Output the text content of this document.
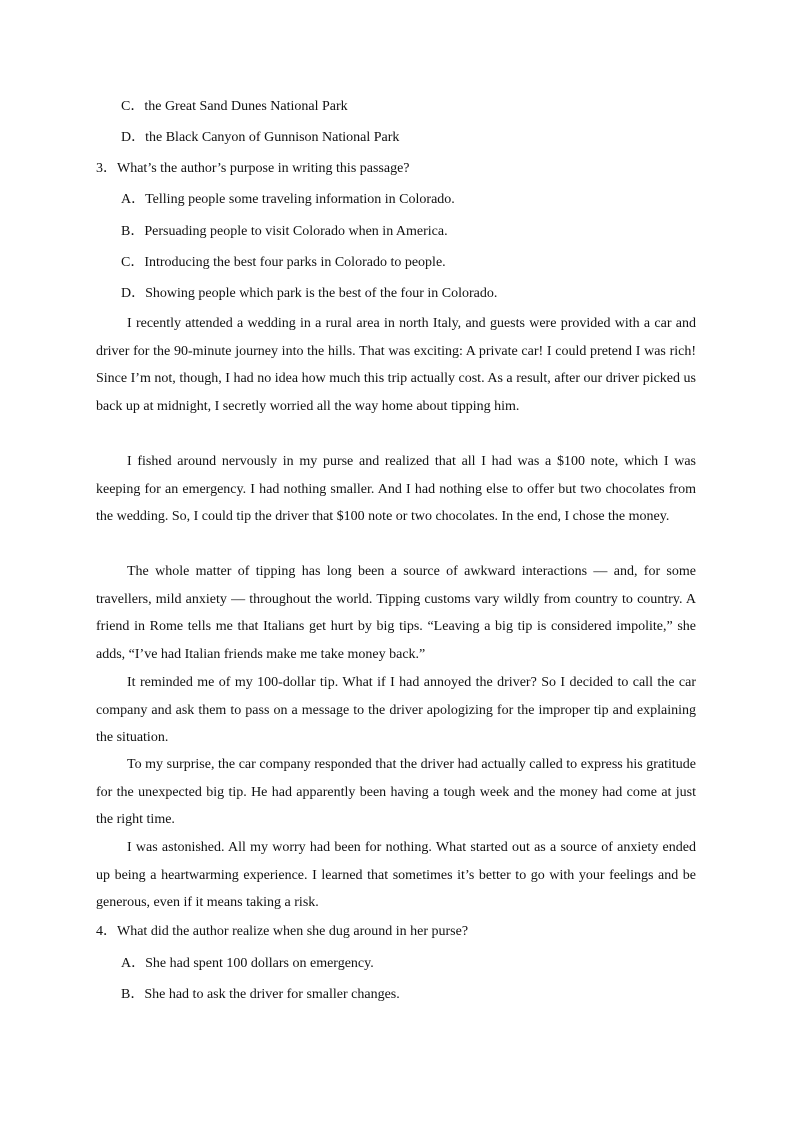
C．the Great Sand Dunes National Park
D．the Black Canyon of Gunnison National Park
3．What’s the author’s purpose in writing this passage?
A．Telling people some traveling information in Colorado.
B．Persuading people to visit Colorado when in America.
C．Introducing the best four parks in Colorado to people.
D．Showing people which park is the best of the four in Colorado.

I recently attended a wedding in a rural area in north Italy, and guests were provided with a car and driver for the 90-minute journey into the hills. That was exciting: A private car! I could pretend I was rich! Since I’m not, though, I had no idea how much this trip actually cost. As a result, after our driver picked us back up at midnight, I secretly worried all the way home about tipping him.

I fished around nervously in my purse and realized that all I had was a $100 note, which I was keeping for an emergency. I had nothing smaller. And I had nothing else to offer but two chocolates from the wedding. So, I could tip the driver that $100 note or two chocolates. In the end, I chose the money.

The whole matter of tipping has long been a source of awkward interactions — and, for some travellers, mild anxiety — throughout the world. Tipping customs vary wildly from country to country. A friend in Rome tells me that Italians get hurt by big tips. “Leaving a big tip is considered impolite,” she adds, “I’ve had Italian friends make me take money back.”

It reminded me of my 100-dollar tip. What if I had annoyed the driver? So I decided to call the car company and ask them to pass on a message to the driver apologizing for the improper tip and explaining the situation.

To my surprise, the car company responded that the driver had actually called to express his gratitude for the unexpected big tip. He had apparently been having a tough week and the money had come at just the right time.

I was astonished. All my worry had been for nothing. What started out as a source of anxiety ended up being a heartwarming experience. I learned that sometimes it’s better to go with your feelings and be generous, even if it means taking a risk.

4．What did the author realize when she dug around in her purse?
A．She had spent 100 dollars on emergency.
B．She had to ask the driver for smaller changes.
